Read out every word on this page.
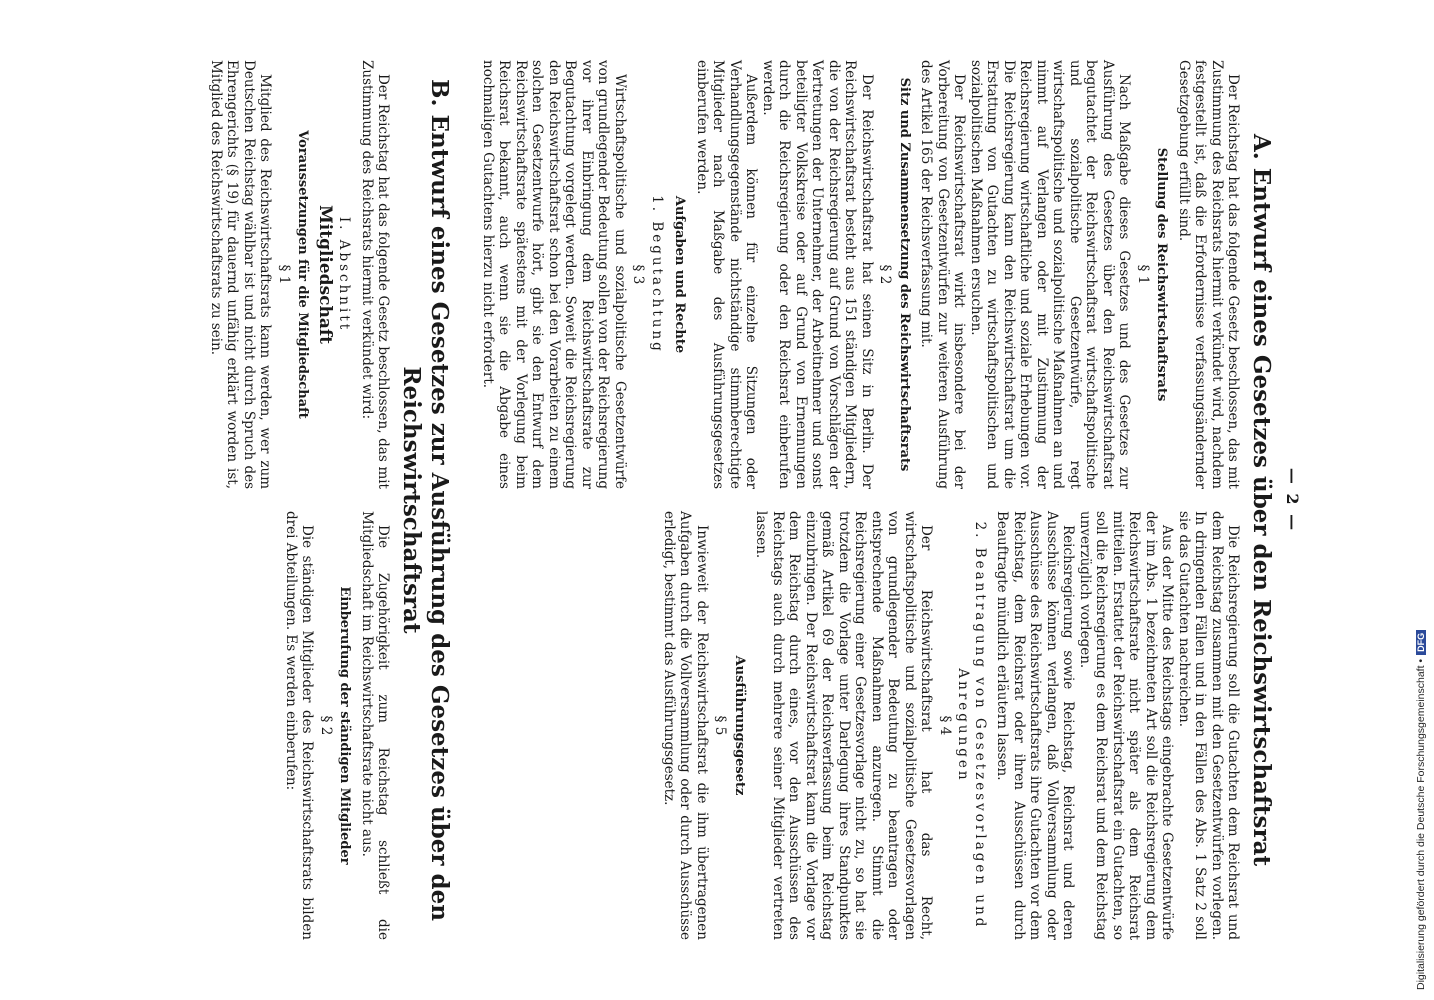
— 2 —
A. Entwurf eines Gesetzes über den Reichswirtschaftsrat

Der Reichstag hat das folgende Gesetz beschlossen, das mit Zustimmung des Reichsrats hiermit verkündet wird, nachdem festgestellt ist, daß die Erfordernisse verfassungsändernder Gesetzgebung erfüllt sind.

Stellung des Reichswirtschaftsrats
§ 1

Nach Maßgabe dieses Gesetzes und des Gesetzes zur Ausführung des Gesetzes über den Reichswirtschaftsrat begutachtet der Reichswirtschaftsrat wirtschaftspolitische und sozialpolitische Gesetzentwürfe, regt wirtschaftspolitische und sozialpolitische Maßnahmen an und nimmt auf Verlangen oder mit Zustimmung der Reichsregierung wirtschaftliche und soziale Erhebungen vor. Die Reichsregierung kann den Reichswirtschaftsrat um die Erstattung von Gutachten zu wirtschaftspolitischen und sozialpolitischen Maßnahmen ersuchen.

Der Reichswirtschaftsrat wirkt insbesondere bei der Vorbereitung von Gesetzentwürfen zur weiteren Ausführung des Artikel 165 der Reichsverfassung mit.

Sitz und Zusammensetzung des Reichswirtschaftsrats
§ 2

Der Reichswirtschaftsrat hat seinen Sitz in Berlin. Der Reichswirtschaftsrat besteht aus 151 ständigen Mitgliedern, die von der Reichsregierung auf Grund von Vorschlägen der Vertretungen der Unternehmer, der Arbeitnehmer und sonst beteiligter Volkskreise oder auf Grund von Ernennungen durch die Reichsregierung oder den Reichsrat einberufen werden.

Außerdem können für einzelne Sitzungen oder Verhandlungsgegenstände nichtständige stimmberechtigte Mitglieder nach Maßgabe des Ausführungsgesetzes einberufen werden.

Aufgaben und Rechte
1. Begutachtung
§ 3

Wirtschaftspolitische und sozialpolitische Gesetzentwürfe von grundlegender Bedeutung sollen von der Reichsregierung vor ihrer Einbringung dem Reichswirtschaftsrate zur Begutachtung vorgelegt werden. Soweit die Reichsregierung den Reichswirtschaftsrat schon bei den Vorarbeiten zu einem solchen Gesetzentwurfe hört, gibt sie den Entwurf dem Reichswirtschaftsrate spätestens mit der Vorlegung beim Reichsrat bekannt, auch wenn sie die Abgabe eines nochmaligen Gutachtens hierzu nicht erfordert.

Die Reichsregierung soll die Gutachten dem Reichsrat und dem Reichstag zusammen mit den Gesetzentwürfen vorlegen. In dringenden Fällen und in den Fällen des Abs. 1 Satz 2 soll sie das Gutachten nachreichen.

Aus der Mitte des Reichstags eingebrachte Gesetzentwürfe der im Abs. 1 bezeichneten Art soll die Reichsregierung dem Reichswirtschaftsrate nicht später als dem Reichsrat mitteilen. Erstattet der Reichswirtschaftsrat ein Gutachten, so soll die Reichsregierung es dem Reichsrat und dem Reichstag unverzüglich vorlegen.

Reichsregierung sowie Reichstag, Reichsrat und deren Ausschüsse können verlangen, daß Vollversammlung oder Ausschüsse des Reichswirtschaftsrats ihre Gutachten vor dem Reichstag, dem Reichsrat oder ihren Ausschüssen durch Beauftragte mündlich erläutern lassen.

2. Beantragung von Gesetzesvorlagen und Anregungen
§ 4

Der Reichswirtschaftsrat hat das Recht, wirtschaftspolitische und sozialpolitische Gesetzesvorlagen von grundlegender Bedeutung zu beantragen oder entsprechende Maßnahmen anzuregen. Stimmt die Reichsregierung einer Gesetzesvorlage nicht zu, so hat sie trotzdem die Vorlage unter Darlegung ihres Standpunktes gemäß Artikel 69 der Reichsverfassung beim Reichstag einzubringen. Der Reichswirtschaftsrat kann die Vorlage vor dem Reichstag durch eines, vor den Ausschüssen des Reichstags auch durch mehrere seiner Mitglieder vertreten lassen.

Ausführungsgesetz
§ 5

Inwieweit der Reichswirtschaftsrat die ihm übertragenen Aufgaben durch die Vollversammlung oder durch Ausschüsse erledigt, bestimmt das Ausführungsgesetz.

B. Entwurf eines Gesetzes zur Ausführung des Gesetzes über den Reichswirtschaftsrat

Der Reichstag hat das folgende Gesetz beschlossen, das mit Zustimmung des Reichsrats hiermit verkündet wird:

I. Abschnitt
Mitgliedschaft
Voraussetzungen für die Mitgliedschaft
§ 1

Mitglied des Reichswirtschaftsrats kann werden, wer zum Deutschen Reichstag wählbar ist und nicht durch Spruch des Ehrengerichts (§ 19) für dauernd unfähig erklärt worden ist, Mitglied des Reichswirtschaftsrats zu sein.

Die Zugehörigkeit zum Reichstag schließt die Mitgliedschaft im Reichswirtschaftsrate nicht aus.

Einberufung der ständigen Mitglieder
§ 2

Die ständigen Mitglieder des Reichswirtschaftsrats bilden drei Abteilungen. Es werden einberufen:

Digitalisierung gefördert durch die Deutsche Forschungsgemeinschaft •DFG
